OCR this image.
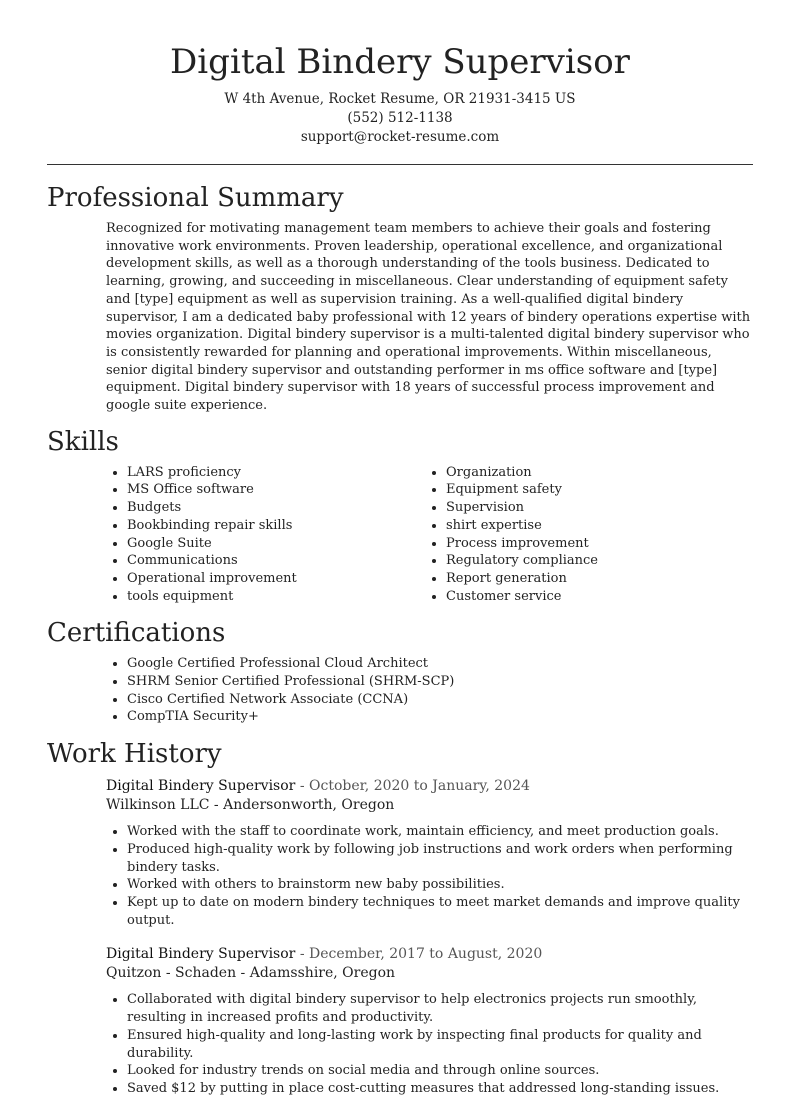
Digital Bindery Supervisor
W 4th Avenue, Rocket Resume, OR 21931-3415 US
(552) 512-1138
support@rocket-resume.com
Professional Summary

Recognized for motivating management team members to achieve their goals and fostering innovative work environments. Proven leadership, operational excellence, and organizational development skills, as well as a thorough understanding of the tools business. Dedicated to learning, growing, and succeeding in miscellaneous. Clear understanding of equipment safety and [type] equipment as well as supervision training. As a well-qualified digital bindery supervisor, I am a dedicated baby professional with 12 years of bindery operations expertise with movies organization. Digital bindery supervisor is a multi-talented digital bindery supervisor who is consistently rewarded for planning and operational improvements. Within miscellaneous, senior digital bindery supervisor and outstanding performer in ms office software and [type] equipment. Digital bindery supervisor with 18 years of successful process improvement and google suite experience.

Skills
• LARS proficiency
• MS Office software
• Budgets
• Bookbinding repair skills
• Google Suite
• Communications
• Operational improvement
• tools equipment
• Organization
• Equipment safety
• Supervision
• shirt expertise
• Process improvement
• Regulatory compliance
• Report generation
• Customer service
Certifications
• Google Certified Professional Cloud Architect
• SHRM Senior Certified Professional (SHRM-SCP)
• Cisco Certified Network Associate (CCNA)
• CompTIA Security+
Work History
Digital Bindery Supervisor - October, 2020 to January, 2024
Wilkinson LLC - Andersonworth, Oregon
• Worked with the staff to coordinate work, maintain efficiency, and meet production goals.
• Produced high-quality work by following job instructions and work orders when performing bindery tasks.
• Worked with others to brainstorm new baby possibilities.
• Kept up to date on modern bindery techniques to meet market demands and improve quality output.
Digital Bindery Supervisor - December, 2017 to August, 2020
Quitzon - Schaden - Adamsshire, Oregon
• Collaborated with digital bindery supervisor to help electronics projects run smoothly, resulting in increased profits and productivity.
• Ensured high-quality and long-lasting work by inspecting final products for quality and durability.
• Looked for industry trends on social media and through online sources.
• Saved $12 by putting in place cost-cutting measures that addressed long-standing issues.
